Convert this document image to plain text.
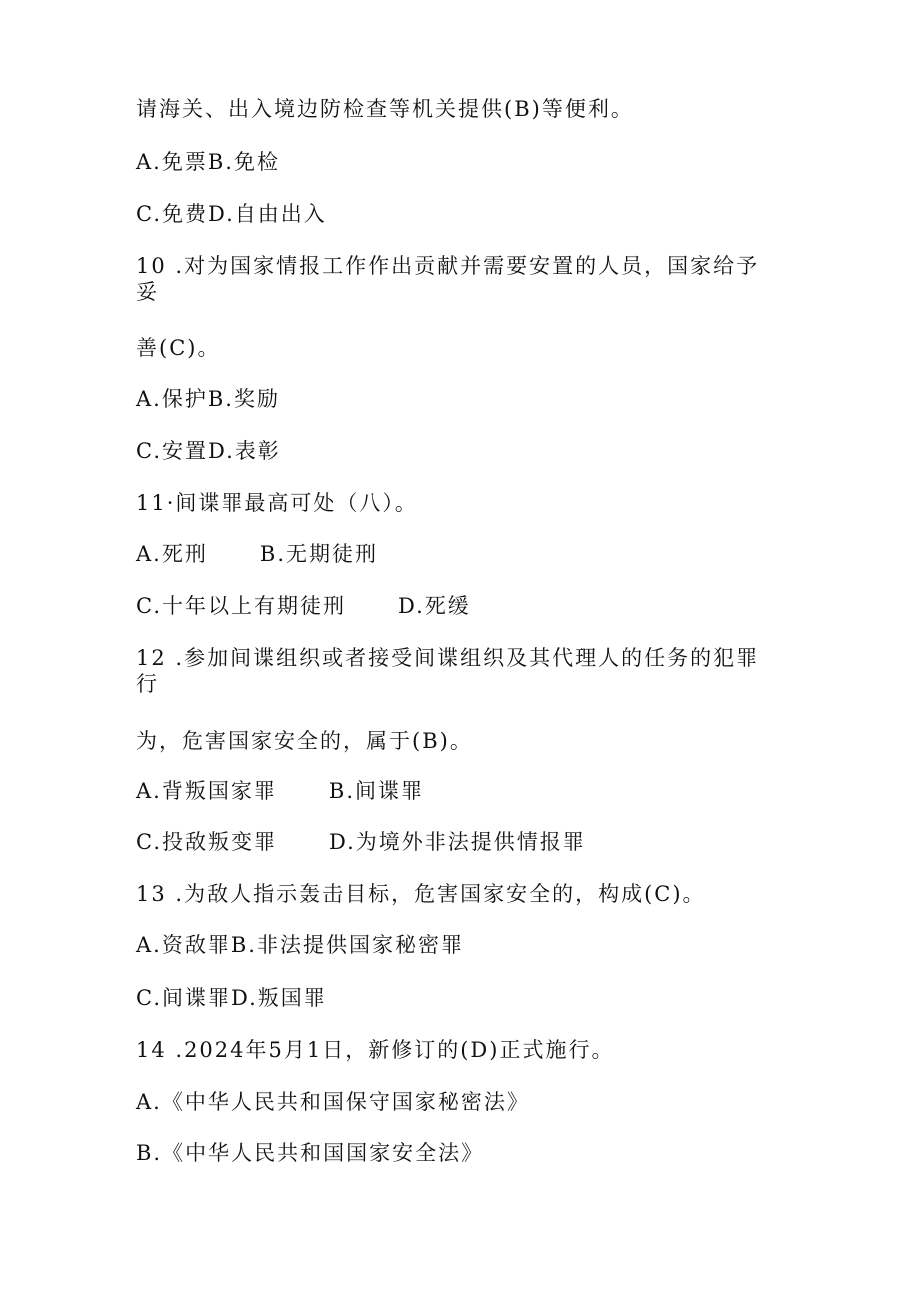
请海关、出入境边防检查等机关提供(B)等便利。
A.免票B.免检
C.免费D.自由出入
10 .对为国家情报工作作出贡献并需要安置的人员，国家给予
妥
善(C)。
A.保护B.奖励
C.安置D.表彰
11·间谍罪最高可处（八）。
A.死刑      B.无期徒刑
C.十年以上有期徒刑      D.死缓
12 .参加间谍组织或者接受间谍组织及其代理人的任务的犯罪
行
为，危害国家安全的，属于(B)。
A.背叛国家罪      B.间谍罪
C.投敌叛变罪      D.为境外非法提供情报罪
13 .为敌人指示轰击目标，危害国家安全的，构成(C)。
A.资敌罪B.非法提供国家秘密罪
C.间谍罪D.叛国罪
14 .2024年5月1日，新修订的(D)正式施行。
A.《中华人民共和国保守国家秘密法》
B.《中华人民共和国国家安全法》
